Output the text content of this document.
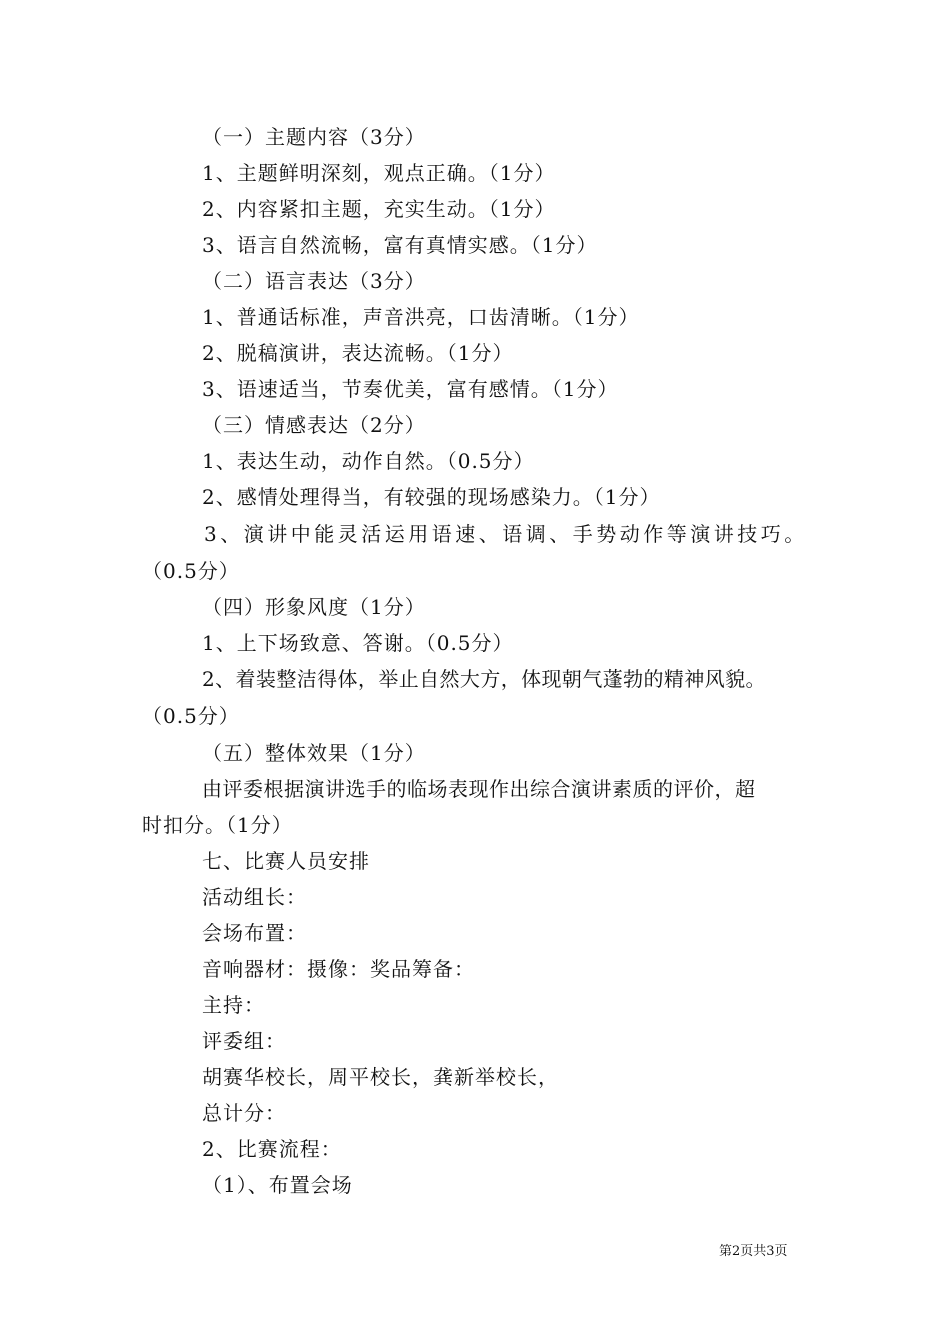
（一）主题内容（3分）
1、主题鲜明深刻，观点正确。（1分）
2、内容紧扣主题，充实生动。（1分）
3、语言自然流畅，富有真情实感。（1分）
（二）语言表达（3分）
1、普通话标准，声音洪亮，口齿清晰。（1分）
2、脱稿演讲，表达流畅。（1分）
3、语速适当，节奏优美，富有感情。（1分）
（三）情感表达（2分）
1、表达生动，动作自然。（0.5分）
2、感情处理得当，有较强的现场感染力。（1分）
3、演讲中能灵活运用语速、语调、手势动作等演讲技巧。
（0.5分）
（四）形象风度（1分）
1、上下场致意、答谢。（0.5分）
2、着装整洁得体，举止自然大方，体现朝气蓬勃的精神风貌。
（0.5分）
（五）整体效果（1分）
由评委根据演讲选手的临场表现作出综合演讲素质的评价，超
时扣分。（1分）
七、比赛人员安排
活动组长：
会场布置：
音响器材：摄像：奖品筹备：
主持：
评委组：
胡赛华校长，周平校长，龚新举校长，
总计分：
2、比赛流程：
（1）、布置会场
第2页共3页
